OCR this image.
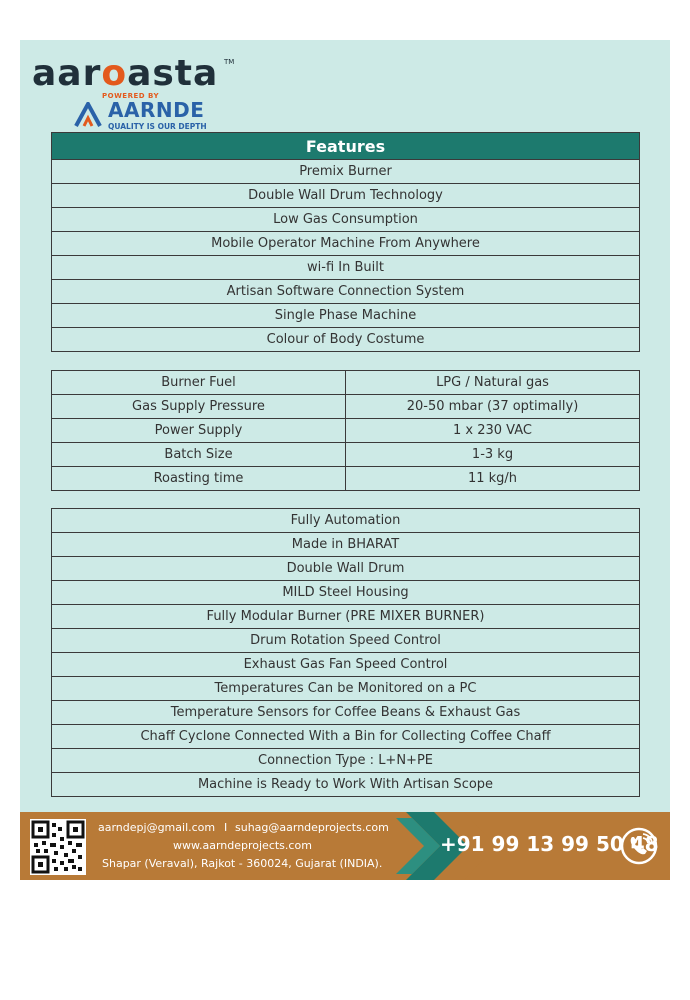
aaroasta TM
POWERED BY
AARNDE
QUALITY IS OUR DEPTH
Features
Premix Burner
Double Wall Drum Technology
Low Gas Consumption
Mobile Operator Machine From Anywhere
wi-fi In Built
Artisan Software Connection System
Single Phase Machine
Colour of Body Costume
Burner Fuel	LPG / Natural gas
Gas Supply Pressure	20-50 mbar (37 optimally)
Power Supply	1 x 230 VAC
Batch Size	1-3 kg
Roasting time	11 kg/h
Fully Automation
Made in BHARAT
Double Wall Drum
MILD Steel Housing
Fully Modular Burner (PRE MIXER BURNER)
Drum Rotation Speed Control
Exhaust Gas Fan Speed Control
Temperatures Can be Monitored on a PC
Temperature Sensors for Coffee Beans & Exhaust Gas
Chaff Cyclone Connected With a Bin for Collecting Coffee Chaff
Connection Type : L+N+PE
Machine is Ready to Work With Artisan Scope
aarndepj@gmail.com I suhag@aarndeprojects.com
www.aarndeprojects.com
Shapar (Veraval), Rajkot - 360024, Gujarat (INDIA).
+91 99 13 99 50 48
